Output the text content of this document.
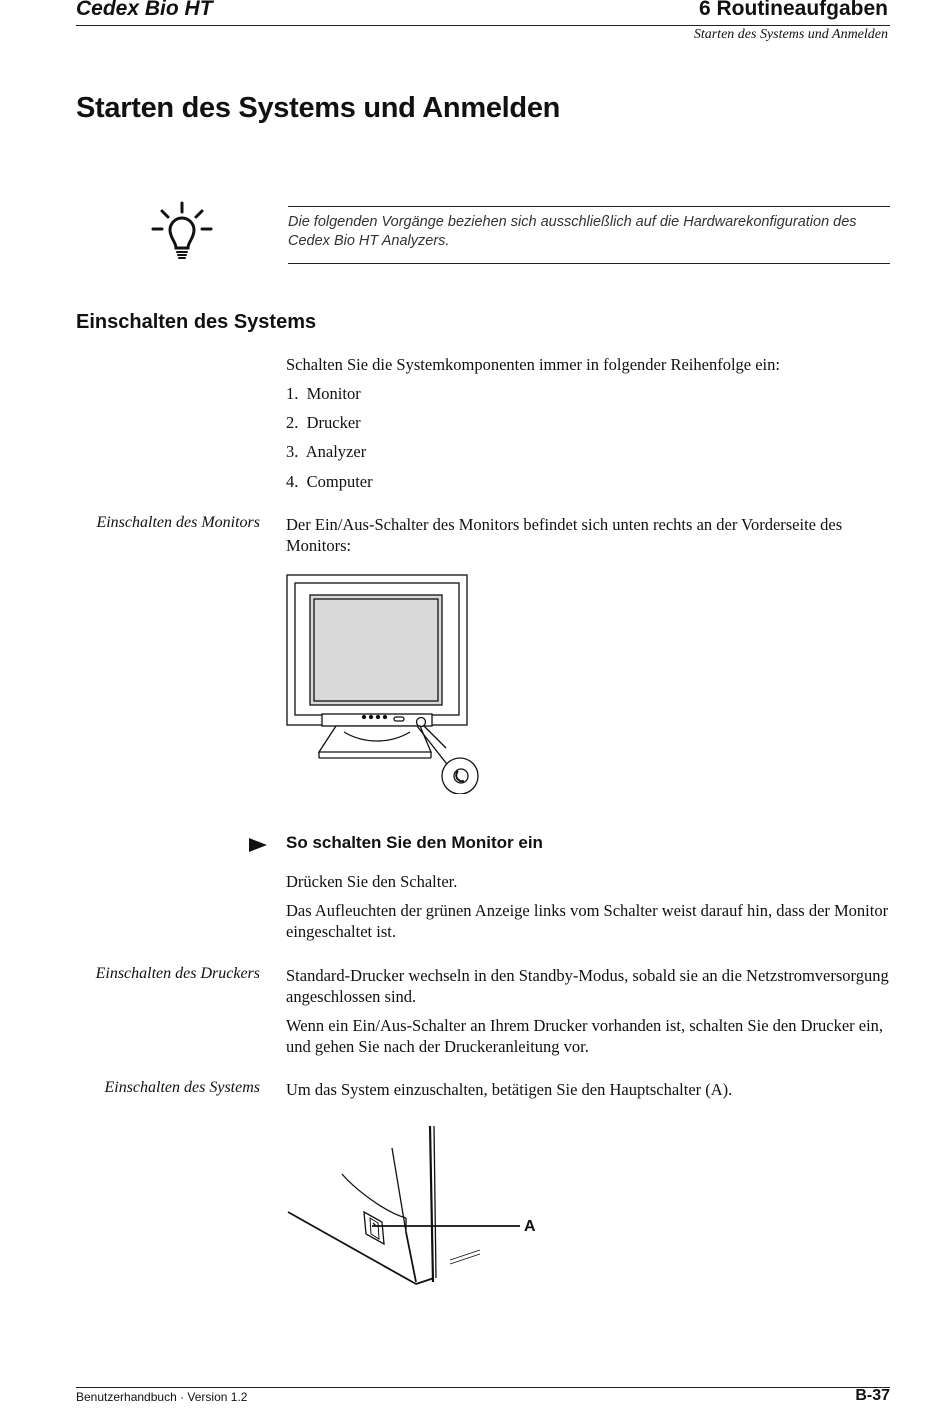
Cedex Bio HT	6 Routineaufgaben
Starten des Systems und Anmelden
Starten des Systems und Anmelden
Die folgenden Vorgänge beziehen sich ausschließlich auf die Hardwarekonfiguration des Cedex Bio HT Analyzers.
Einschalten des Systems
Schalten Sie die Systemkomponenten immer in folgender Reihenfolge ein:
1. Monitor
2. Drucker
3. Analyzer
4. Computer
Einschalten des Monitors Der Ein/Aus-Schalter des Monitors befindet sich unten rechts an der Vorderseite des Monitors:
So schalten Sie den Monitor ein
Drücken Sie den Schalter.
Das Aufleuchten der grünen Anzeige links vom Schalter weist darauf hin, dass der Monitor eingeschaltet ist.
Einschalten des Druckers Standard-Drucker wechseln in den Standby-Modus, sobald sie an die Netzstromversorgung angeschlossen sind.
Wenn ein Ein/Aus-Schalter an Ihrem Drucker vorhanden ist, schalten Sie den Drucker ein, und gehen Sie nach der Druckeranleitung vor.
Einschalten des Systems Um das System einzuschalten, betätigen Sie den Hauptschalter (A).
A
Benutzerhandbuch · Version 1.2	B-37
